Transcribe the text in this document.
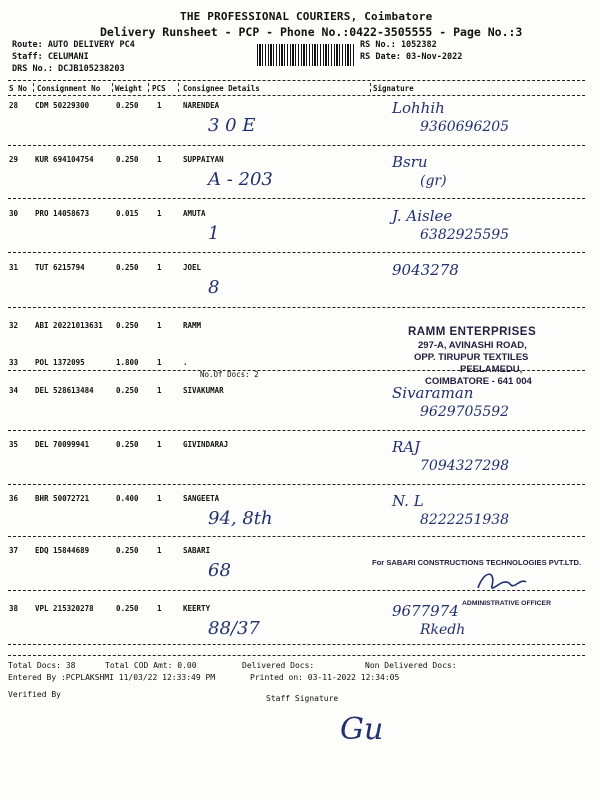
THE PROFESSIONAL COURIERS, Coimbatore
Delivery Runsheet - PCP - Phone No.:0422-3505555 - Page No.:3
Route: AUTO DELIVERY PC4
Staff: CELUMANI
DRS No.: DCJB105238203
RS No.: 1052382
RS Date: 03-Nov-2022
S No Consignment No Weight PCS Consignee Details	Signature
28 CDM 50229300	0.250 1	NARENDEA
3 0 E
Lohhih
9360696205
29 KUR 694104754	0.250 1	SUPPAIYAN
A - 203
Bsru
(gr)
30 PRO 14058673	0.015 1	AMUTA
1
J. Aislee
6382925595
31 TUT 6215794	0.250 1	JOEL
8
9043278
32 ABI 20221013631 0.250 1	RAMM
33 POL 1372095	1.800 1	.
No.Of Docs: 2
34 DEL 528613484	0.250 1	SIVAKUMAR	Sivaraman
9629705592
35 DEL 70099941	0.250 1	GIVINDARAJ	RAJ
7094327298
36 BHR 50072721	0.400 1	SANGEETA
94, 8th
N. L
8222251938
37 EDQ 15844689	0.250 1	SABARI
68
38 VPL 215320278	0.250 1	KEERTY
88/37
9677974
Rkedh
RAMM ENTERPRISES
297-A, AVINASHI ROAD,
OPP. TIRUPUR TEXTILES
PEELAMEDU,
COIMBATORE - 641 004
For SABARI CONSTRUCTIONS TECHNOLOGIES PVT.LTD.
ADMINISTRATIVE OFFICER
Total Docs: 38	Total COD Amt: 0.00	Delivered Docs:	Non Delivered Docs:
Entered By :PCPLAKSHMI 11/03/22 12:33:49 PM	Printed on: 03-11-2022 12:34:05
Verified By	Staff Signature
Gu
